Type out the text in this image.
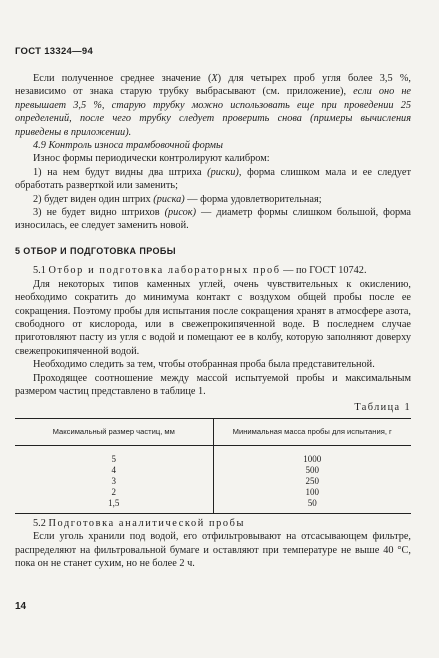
ГОСТ 13324—94

Если полученное среднее значение (X) для четырех проб угля более 3,5 %, независимо от знака старую трубку выбрасывают (см. приложение), если оно не превышает 3,5 %, старую трубку можно использовать еще при проведении 25 определений, после чего трубку следует проверить снова (примеры вычисления приведены в приложении).

4.9 Контроль износа трамбовочной формы

Износ формы периодически контролируют калибром:

1) на нем будут видны два штриха (риски), форма слишком мала и ее следует обработать разверткой или заменить;

2) будет виден один штрих (риска) — форма удовлетворительная;

3) не будет видно штрихов (рисок) — диаметр формы слишком большой, форма износилась, ее следует заменить новой.

5 ОТБОР И ПОДГОТОВКА ПРОБЫ

5.1 Отбор и подготовка лабораторных проб — по ГОСТ 10742.

Для некоторых типов каменных углей, очень чувствительных к окислению, необходимо сократить до минимума контакт с воздухом общей пробы после ее сокращения. Поэтому пробы для испытания после сокращения хранят в атмосфере азота, свободного от кислорода, или в свежепрокипяченной воде. В последнем случае приготовляют пасту из угля с водой и помещают ее в колбу, которую заполняют доверху свежепрокипяченной водой.

Необходимо следить за тем, чтобы отобранная проба была представительной.

Проходящее соотношение между массой испытуемой пробы и максимальным размером частиц представлено в таблице 1.

Таблица 1

Максимальный размер частиц, мм	Минимальная масса пробы для испытания, г
5	1000
4	500
3	250
2	100
1,5	50

5.2 Подготовка аналитической пробы

Если уголь хранили под водой, его отфильтровывают на отсасывающем фильтре, распределяют на фильтровальной бумаге и оставляют при температуре не выше 40 °С, пока он не станет сухим, но не более 2 ч.

14
